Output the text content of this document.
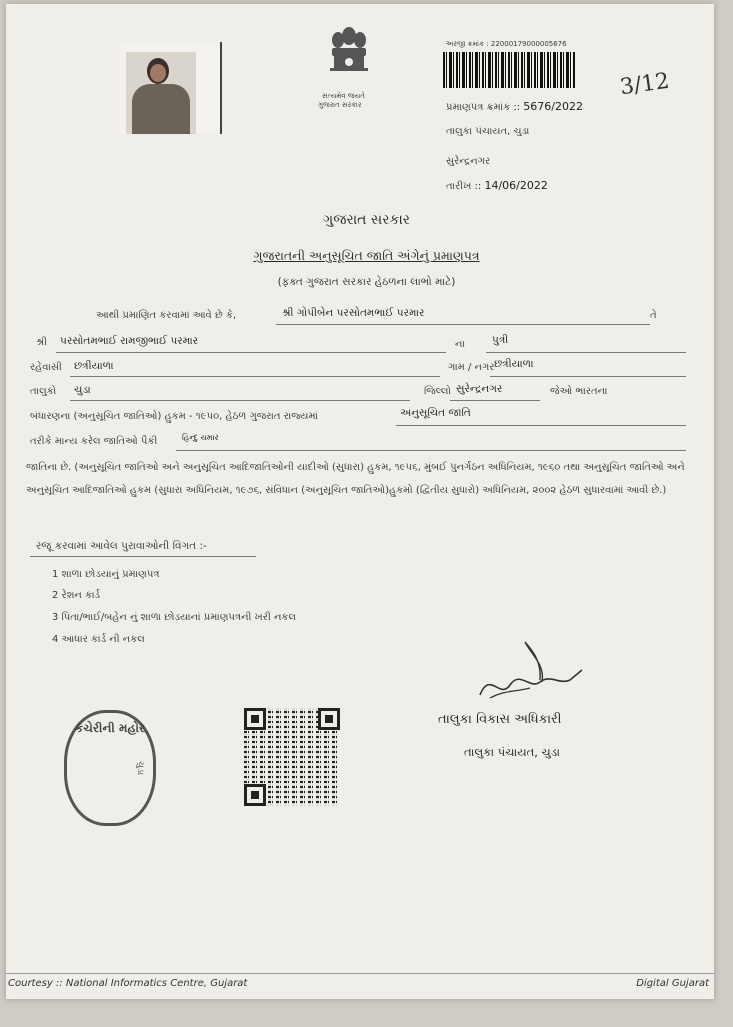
સત્યમેવ જયતે
ગુજરાત સરકાર
અરજી ક્રમાંક : 22000179000005676
3/12
પ્રમાણપત્ર ક્રમાંક :: 5676/2022
તાલુકા પંચાયત, ચુડા
સુરેન્દ્રનગર
તારીખ :: 14/06/2022
ગુજરાત સરકાર
ગુજરાતની અનુસૂચિત જાતિ અંગેનું પ્રમાણપત્ર
(ફક્ત ગુજરાત સરકાર હેઠળના લાભો માટે)
આથી પ્રમાણિત કરવામાં આવે છે કે,	શ્રી ગોપીબેન પરસોતમભાઈ પરમાર	તે
શ્રી પરસોતમભાઈ રામજીભાઈ પરમાર	ના	પુત્રી
રહેવાસી છત્રીયાળા	ગામ / નગર છત્રીયાળા
તાલુકો ચુડા	જિલ્લો સુરેન્દ્રનગર	જેઓ ભારતના
બંધારણના (અનુસૂચિત જાતિઓ) હુકમ - ૧૯૫૦, હેઠળ ગુજરાત રાજ્યમાં	અનુસૂચિત જાતિ
તરીકે માન્ય કરેલ જાતિઓ પૈકી	હિન્દુ ચમાર
જાતિના છે. (અનુસૂચિત જાતિઓ અને અનુસૂચિત આદિજાતિઓની યાદીઓ (સુધારા) હુકમ, ૧૯૫૬, મુંબઈ પુનર્ગઠન અધિનિયમ, ૧૯૬૦ તથા અનુસૂચિત જાતિઓ અને અનુસૂચિત આદિજાતિઓ હુકમ (સુધારા અધિનિયમ, ૧૯૭૬, સંવિધાન (અનુસૂચિત જાતિઓ)હુકમો (દ્વિતીય સુધારો) અધિનિયમ, ૨૦૦૨ હેઠળ સુધારવામાં આવી છે.)
રજૂ કરવામાં આવેલ પુરાવાઓની વિગત :-
1 શાળા છોડયાનું પ્રમાણપત્ર
2 રેશન કાર્ડ
3 પિતા/ભાઈ/બહેન નું શાળા છોડયાનાં પ્રમાણપત્રની ખરી નકલ
4 આધાર કાર્ડ ની નકલ
કચેરીની મહોર
ચુડા
તાલુકા વિકાસ અધિકારી
તાલુકા પંચાયત, ચુડા
Courtesy :: National Informatics Centre, Gujarat	Digital Gujarat
